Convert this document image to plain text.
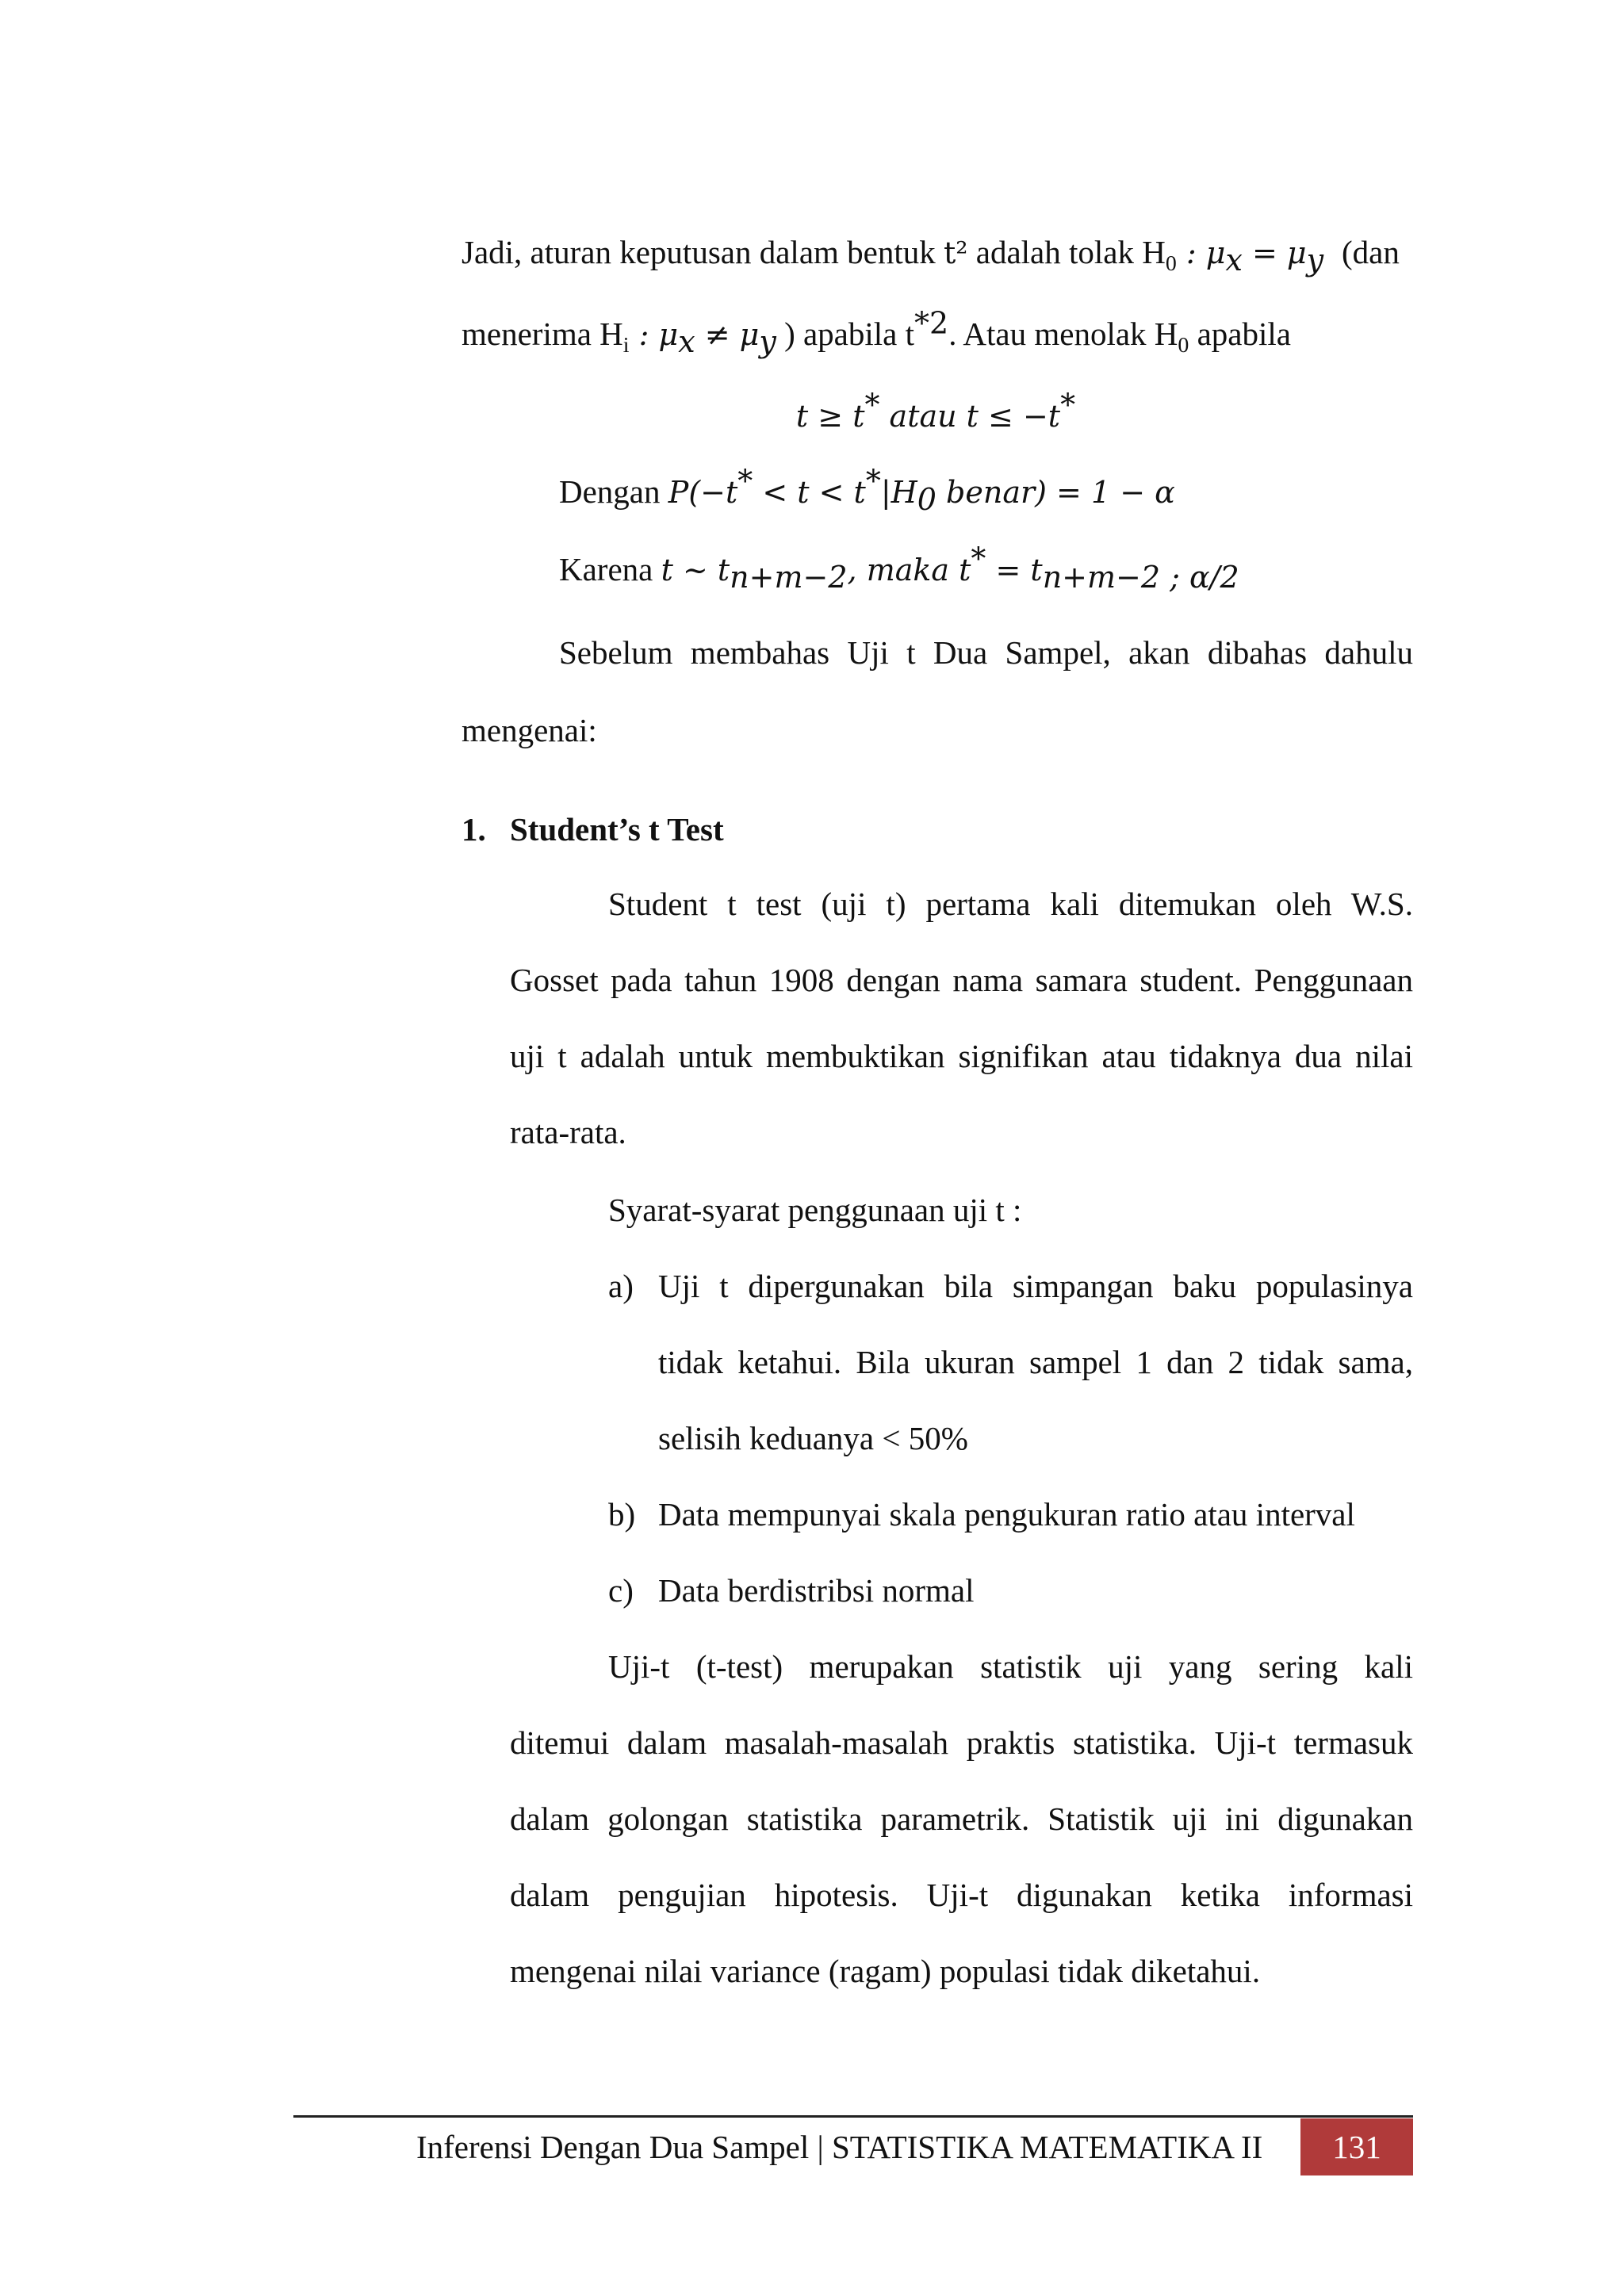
Jadi, aturan keputusan dalam bentuk t² adalah tolak $H_0$ : $\mu_x = \mu_y$ (dan
menerima $H_i$ : $\mu_x \ne \mu_y$ ) apabila $t^{*2}$. Atau menolak $H_0$ apabila
t ≥ t* atau t ≤ −t*
Dengan $P(-t^* < t < t^*|H_0$ benar) = 1 − α
Karena t ~ $t_{n+m-2}$, maka $t^* = t_{n+m-2 ; \alpha/2}$
Sebelum membahas Uji t Dua Sampel, akan dibahas dahulu
mengenai:
1. Student’s t Test
Student t test (uji t) pertama kali ditemukan oleh W.S.
Gosset pada tahun 1908 dengan nama samara student. Penggunaan
uji t adalah untuk membuktikan signifikan atau tidaknya dua nilai
rata-rata.
Syarat-syarat penggunaan uji t :
a) Uji t dipergunakan bila simpangan baku populasinya
tidak ketahui. Bila ukuran sampel 1 dan 2 tidak sama,
selisih keduanya < 50%
b) Data mempunyai skala pengukuran ratio atau interval
c) Data berdistribsi normal
Uji-t (t-test) merupakan statistik uji yang sering kali
ditemui dalam masalah-masalah praktis statistika. Uji-t termasuk
dalam golongan statistika parametrik. Statistik uji ini digunakan
dalam pengujian hipotesis. Uji-t digunakan ketika informasi
mengenai nilai variance (ragam) populasi tidak diketahui.
Inferensi Dengan Dua Sampel | STATISTIKA MATEMATIKA II	131
